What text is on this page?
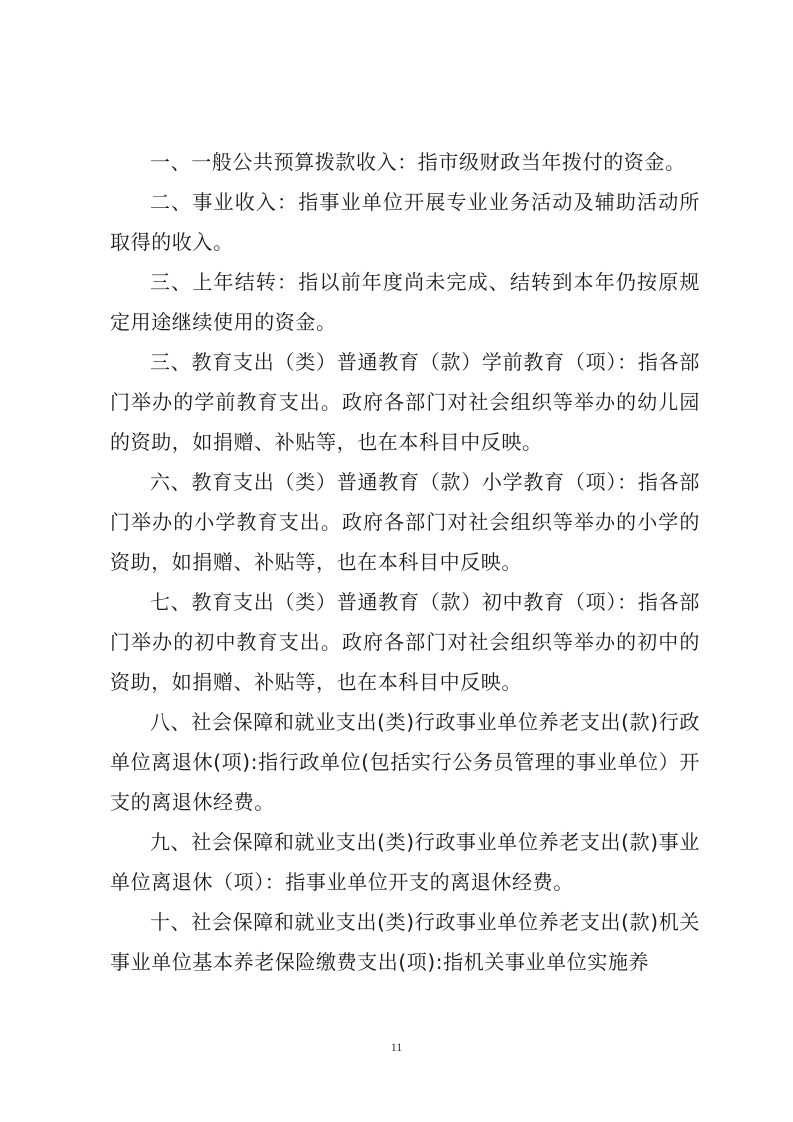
一、一般公共预算拨款收入：指市级财政当年拨付的资金。

二、事业收入：指事业单位开展专业业务活动及辅助活动所取得的收入。

三、上年结转：指以前年度尚未完成、结转到本年仍按原规定用途继续使用的资金。

三、教育支出（类）普通教育（款）学前教育（项）：指各部门举办的学前教育支出。政府各部门对社会组织等举办的幼儿园的资助，如捐赠、补贴等，也在本科目中反映。

六、教育支出（类）普通教育（款）小学教育（项）：指各部门举办的小学教育支出。政府各部门对社会组织等举办的小学的资助，如捐赠、补贴等，也在本科目中反映。

七、教育支出（类）普通教育（款）初中教育（项）：指各部门举办的初中教育支出。政府各部门对社会组织等举办的初中的资助，如捐赠、补贴等，也在本科目中反映。

八、社会保障和就业支出(类)行政事业单位养老支出(款)行政单位离退休(项):指行政单位(包括实行公务员管理的事业单位）开支的离退休经费。

九、社会保障和就业支出(类)行政事业单位养老支出(款)事业单位离退休（项）：指事业单位开支的离退休经费。

十、社会保障和就业支出(类)行政事业单位养老支出(款)机关事业单位基本养老保险缴费支出(项):指机关事业单位实施养

11
